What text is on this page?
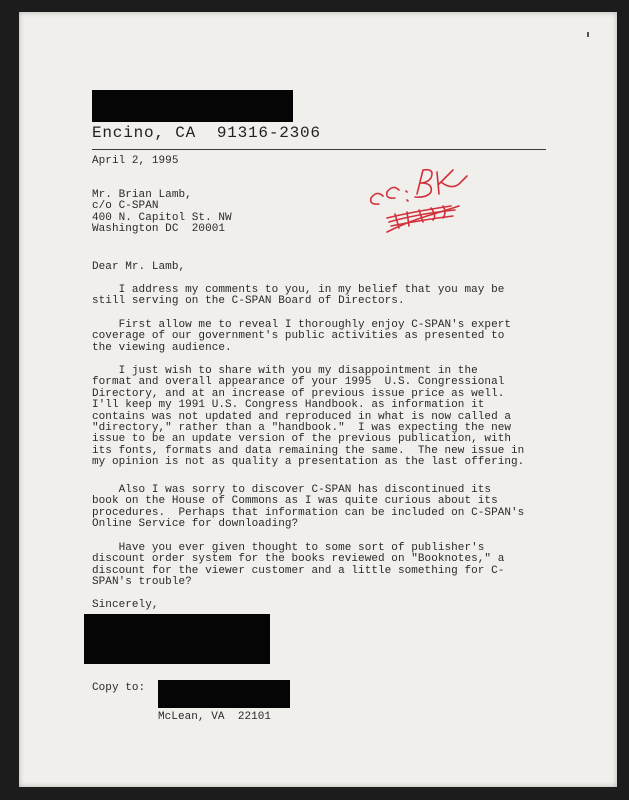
Encino, CA  91316-2306
April 2, 1995
Mr. Brian Lamb,
c/o C-SPAN
400 N. Capitol St. NW
Washington DC  20001
Dear Mr. Lamb,
I address my comments to you, in my belief that you may be
still serving on the C-SPAN Board of Directors.
First allow me to reveal I thoroughly enjoy C-SPAN's expert
coverage of our government's public activities as presented to
the viewing audience.
I just wish to share with you my disappointment in the
format and overall appearance of your 1995  U.S. Congressional
Directory, and at an increase of previous issue price as well.
I'll keep my 1991 U.S. Congress Handbook. as information it
contains was not updated and reproduced in what is now called a
"directory," rather than a "handbook."  I was expecting the new
issue to be an update version of the previous publication, with
its fonts, formats and data remaining the same.  The new issue in
my opinion is not as quality a presentation as the last offering.
Also I was sorry to discover C-SPAN has discontinued its
book on the House of Commons as I was quite curious about its
procedures.  Perhaps that information can be included on C-SPAN's
Online Service for downloading?
Have you ever given thought to some sort of publisher's
discount order system for the books reviewed on "Booknotes," a
discount for the viewer customer and a little something for C-
SPAN's trouble?
Sincerely,
Copy to:
McLean, VA  22101
